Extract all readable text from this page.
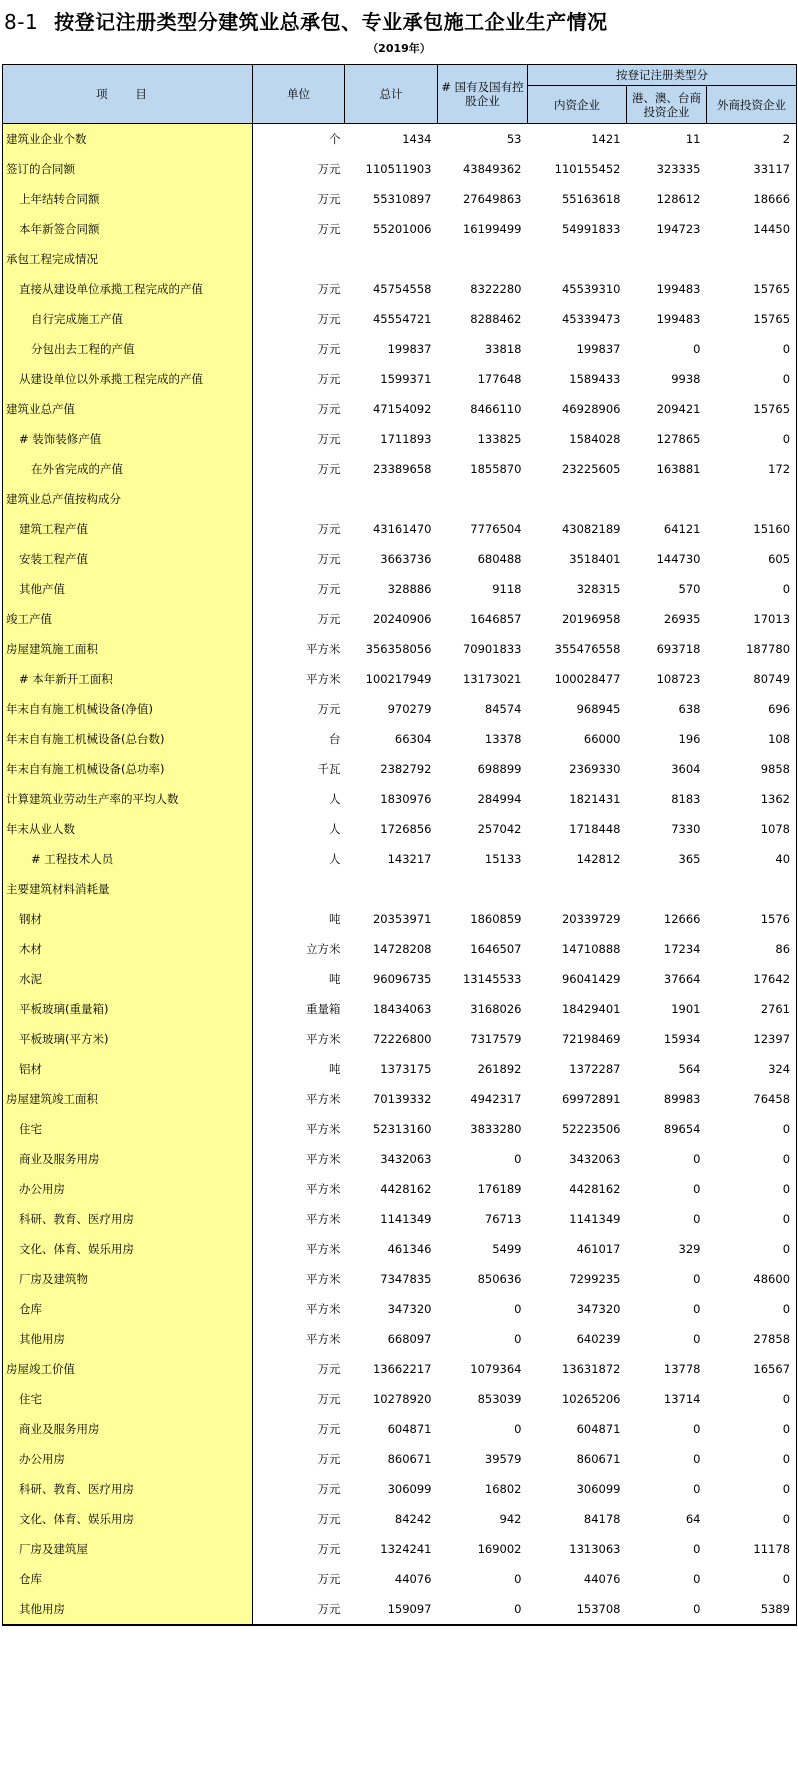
8-1 按登记注册类型分建筑业总承包、专业承包施工企业生产情况
（2019年）
项 目	单位	总计	# 国有及国有控股企业	按登记注册类型分		
				内资企业	港、澳、台商投资企业	外商投资企业
建筑业企业个数	个	1434	53	1421	11	2
签订的合同额	万元	110511903	43849362	110155452	323335	33117
上年结转合同额	万元	55310897	27649863	55163618	128612	18666
本年新签合同额	万元	55201006	16199499	54991833	194723	14450
承包工程完成情况						
直接从建设单位承揽工程完成的产值	万元	45754558	8322280	45539310	199483	15765
自行完成施工产值	万元	45554721	8288462	45339473	199483	15765
分包出去工程的产值	万元	199837	33818	199837	0	0
从建设单位以外承揽工程完成的产值	万元	1599371	177648	1589433	9938	0
建筑业总产值	万元	47154092	8466110	46928906	209421	15765
# 装饰装修产值	万元	1711893	133825	1584028	127865	0
在外省完成的产值	万元	23389658	1855870	23225605	163881	172
建筑业总产值按构成分						
建筑工程产值	万元	43161470	7776504	43082189	64121	15160
安装工程产值	万元	3663736	680488	3518401	144730	605
其他产值	万元	328886	9118	328315	570	0
竣工产值	万元	20240906	1646857	20196958	26935	17013
房屋建筑施工面积	平方米	356358056	70901833	355476558	693718	187780
# 本年新开工面积	平方米	100217949	13173021	100028477	108723	80749
年末自有施工机械设备(净值)	万元	970279	84574	968945	638	696
年末自有施工机械设备(总台数)	台	66304	13378	66000	196	108
年末自有施工机械设备(总功率)	千瓦	2382792	698899	2369330	3604	9858
计算建筑业劳动生产率的平均人数	人	1830976	284994	1821431	8183	1362
年末从业人数	人	1726856	257042	1718448	7330	1078
# 工程技术人员	人	143217	15133	142812	365	40
主要建筑材料消耗量						
钢材	吨	20353971	1860859	20339729	12666	1576
木材	立方米	14728208	1646507	14710888	17234	86
水泥	吨	96096735	13145533	96041429	37664	17642
平板玻璃(重量箱)	重量箱	18434063	3168026	18429401	1901	2761
平板玻璃(平方米)	平方米	72226800	7317579	72198469	15934	12397
铝材	吨	1373175	261892	1372287	564	324
房屋建筑竣工面积	平方米	70139332	4942317	69972891	89983	76458
住宅	平方米	52313160	3833280	52223506	89654	0
商业及服务用房	平方米	3432063	0	3432063	0	0
办公用房	平方米	4428162	176189	4428162	0	0
科研、教育、医疗用房	平方米	1141349	76713	1141349	0	0
文化、体育、娱乐用房	平方米	461346	5499	461017	329	0
厂房及建筑物	平方米	7347835	850636	7299235	0	48600
仓库	平方米	347320	0	347320	0	0
其他用房	平方米	668097	0	640239	0	27858
房屋竣工价值	万元	13662217	1079364	13631872	13778	16567
住宅	万元	10278920	853039	10265206	13714	0
商业及服务用房	万元	604871	0	604871	0	0
办公用房	万元	860671	39579	860671	0	0
科研、教育、医疗用房	万元	306099	16802	306099	0	0
文化、体育、娱乐用房	万元	84242	942	84178	64	0
厂房及建筑屋	万元	1324241	169002	1313063	0	11178
仓库	万元	44076	0	44076	0	0
其他用房	万元	159097	0	153708	0	5389
